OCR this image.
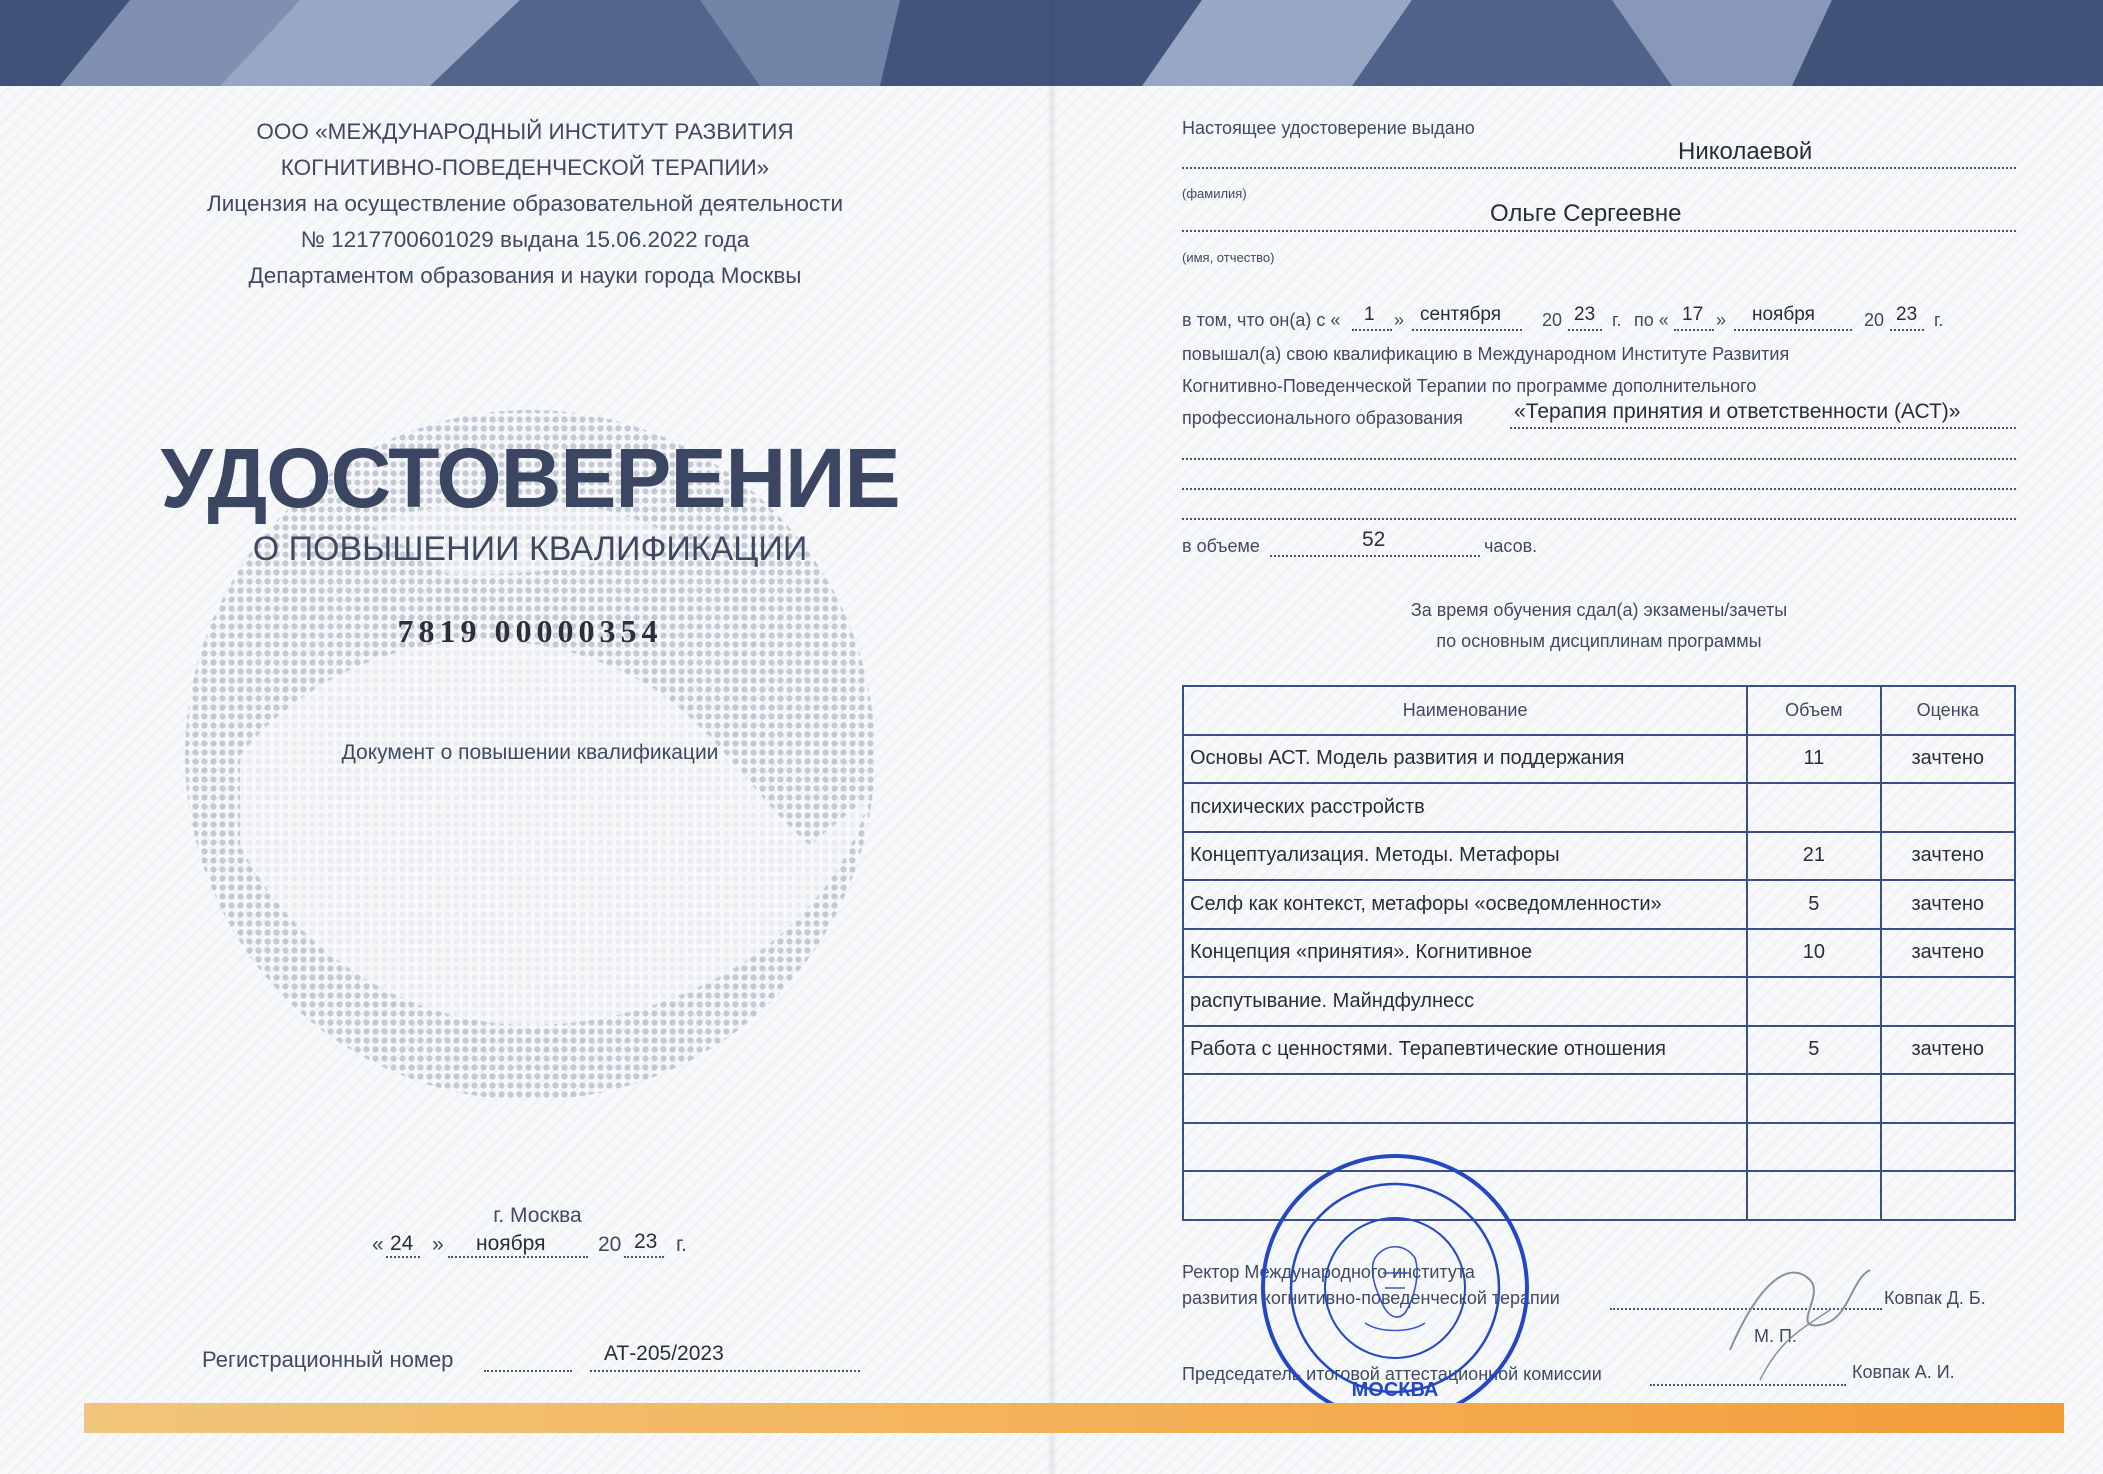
ООО «МЕЖДУНАРОДНЫЙ ИНСТИТУТ РАЗВИТИЯ
КОГНИТИВНО-ПОВЕДЕНЧЕСКОЙ ТЕРАПИИ»
Лицензия на осуществление образовательной деятельности
№ 1217700601029 выдана 15.06.2022 года
Департаментом образования и науки города Москвы
УДОСТОВЕРЕНИЕ
О ПОВЫШЕНИИ КВАЛИФИКАЦИИ
7819 00000354
Документ о повышении квалификации
г. Москва
« 24 » ноября	20 23 г.
Регистрационный номер	АТ-205/2023
Настоящее удостоверение выдано
Николаевой
(фамилия)
Ольге Сергеевне
(имя, отчество)
в том, что он(а) с « 1 » сентября 20 23 г. по « 17 » ноября	20 23 г.
повышал(а) свою квалификацию в Международном Институте Развития
Когнитивно-Поведенческой Терапии по программе дополнительного
профессионального образования «Терапия принятия и ответственности (АСТ)»
в объеме	52	часов.
За время обучения сдал(а) экзамены/зачеты
по основным дисциплинам программы
Наименование	Объем	Оценка
Основы АСТ. Модель развития и поддержания	11	зачтено
психических расстройств		
Концептуализация. Методы. Метафоры	21	зачтено
Селф как контекст, метафоры «осведомленности»	5	зачтено
Концепция «принятия». Когнитивное	10	зачтено
распутывание. Майндфулнесс		
Работа с ценностями. Терапевтические отношения	5	зачтено

Ректор Международного института
развития когнитивно-поведенческой терапии	Ковпак Д. Б.
М. П.
Председатель итоговой аттестационной комиссии	Ковпак А. И.
МОСКВА
